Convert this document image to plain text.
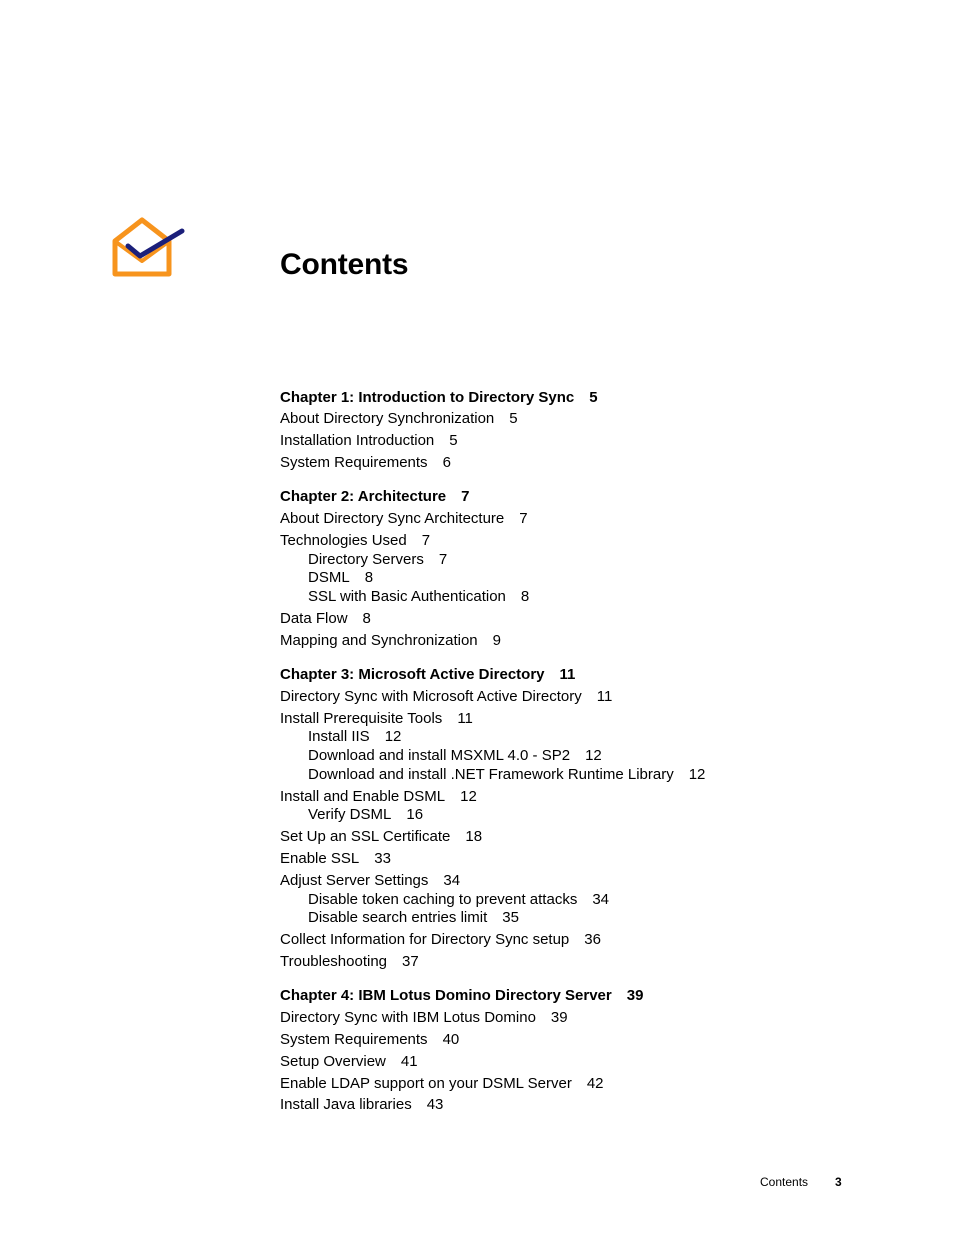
Contents
Chapter 1: Introduction to Directory Sync 5
About Directory Synchronization 5
Installation Introduction 5
System Requirements 6
Chapter 2: Architecture 7
About Directory Sync Architecture 7
Technologies Used 7
Directory Servers 7
DSML 8
SSL with Basic Authentication 8
Data Flow 8
Mapping and Synchronization 9
Chapter 3: Microsoft Active Directory 11
Directory Sync with Microsoft Active Directory 11
Install Prerequisite Tools 11
Install IIS 12
Download and install MSXML 4.0 - SP2 12
Download and install .NET Framework Runtime Library 12
Install and Enable DSML 12
Verify DSML 16
Set Up an SSL Certificate 18
Enable SSL 33
Adjust Server Settings 34
Disable token caching to prevent attacks 34
Disable search entries limit 35
Collect Information for Directory Sync setup 36
Troubleshooting 37
Chapter 4: IBM Lotus Domino Directory Server 39
Directory Sync with IBM Lotus Domino 39
System Requirements 40
Setup Overview 41
Enable LDAP support on your DSML Server 42
Install Java libraries 43
Contents 3
